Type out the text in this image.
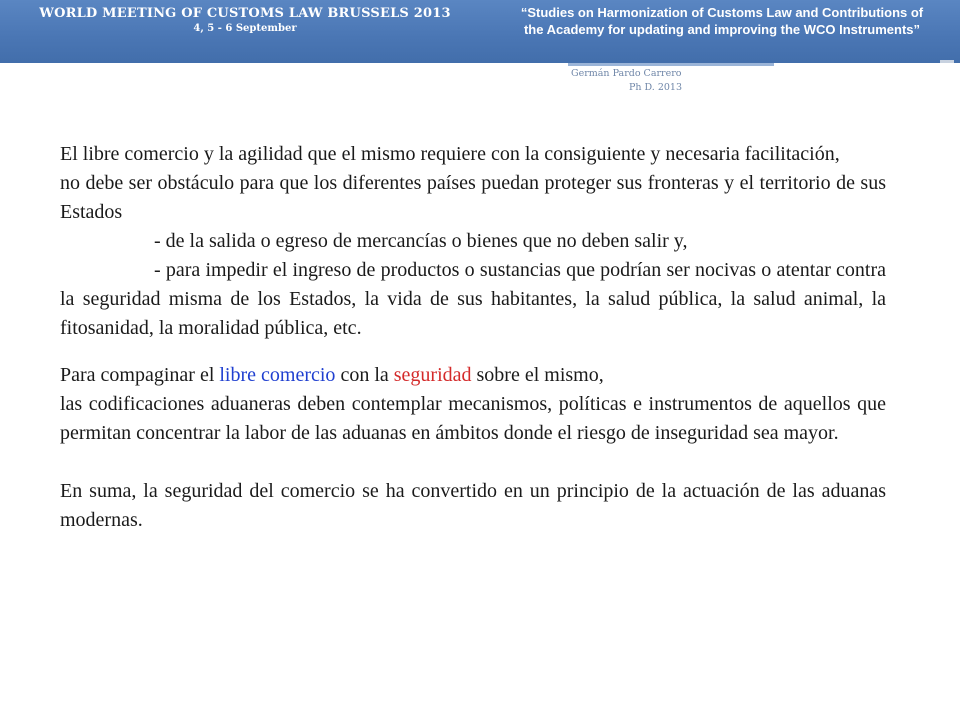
WORLD MEETING OF CUSTOMS LAW BRUSSELS 2013
4, 5 - 6 September
“Studies on Harmonization of Customs Law and Contributions of
the Academy for updating and improving the WCO Instruments”
Germán Pardo Carrero
Ph D. 2013

El libre comercio y la agilidad que el mismo requiere con la consiguiente y necesaria facilitación,

no debe ser obstáculo para que los diferentes países puedan proteger sus fronteras y el territorio de sus Estados

- de la salida o egreso de mercancías o bienes que no deben salir y,

- para impedir el ingreso de productos o sustancias que podrían ser nocivas o atentar contra la seguridad misma de los Estados, la vida de sus habitantes, la salud pública, la salud animal, la fitosanidad, la moralidad pública, etc.

Para compaginar el libre comercio con la seguridad sobre el mismo,

las codificaciones aduaneras deben contemplar mecanismos, políticas e instrumentos de aquellos que permitan concentrar la labor de las aduanas en ámbitos donde el riesgo de inseguridad sea mayor.

En suma, la seguridad del comercio se ha convertido en un principio de la actuación de las aduanas modernas.
